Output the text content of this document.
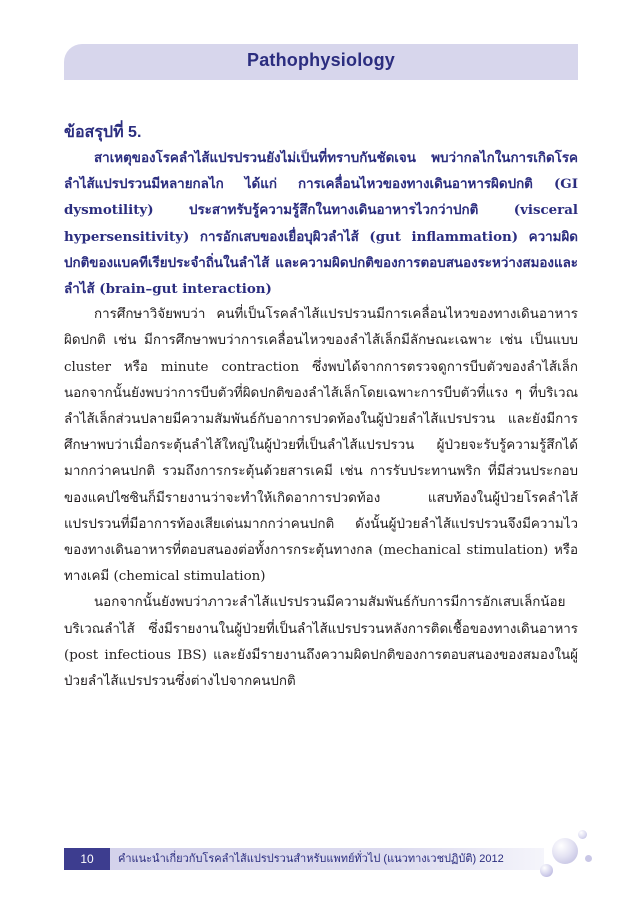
Pathophysiology
ข้อสรุปที่ 5.

สาเหตุของโรคลำไส้แปรปรวนยังไม่เป็นที่ทราบกันชัดเจน พบว่ากลไกในการเกิดโรคลำไส้แปรปรวนมีหลายกลไก ได้แก่ การเคลื่อนไหวของทางเดินอาหารผิดปกติ (GI dysmotility) ประสาทรับรู้ความรู้สึกในทางเดินอาหารไวกว่าปกติ (visceral hypersensitivity) การอักเสบของเยื่อบุผิวลำไส้ (gut inflammation) ความผิดปกติของแบคทีเรียประจำถิ่นในลำไส้ และความผิดปกติของการตอบสนองระหว่างสมองและลำไส้ (brain–gut interaction)

การศึกษาวิจัยพบว่า คนที่เป็นโรคลำไส้แปรปรวนมีการเคลื่อนไหวของทางเดินอาหารผิดปกติ เช่น มีการศึกษาพบว่าการเคลื่อนไหวของลำไส้เล็กมีลักษณะเฉพาะ เช่น เป็นแบบ cluster หรือ minute contraction ซึ่งพบได้จากการตรวจดูการบีบตัวของลำไส้เล็ก นอกจากนั้นยังพบว่าการบีบตัวที่ผิดปกติของลำไส้เล็กโดยเฉพาะการบีบตัวที่แรง ๆ ที่บริเวณลำไส้เล็กส่วนปลายมีความสัมพันธ์กับอาการปวดท้องในผู้ป่วยลำไส้แปรปรวน และยังมีการศึกษาพบว่าเมื่อกระตุ้นลำไส้ใหญ่ในผู้ป่วยที่เป็นลำไส้แปรปรวน ผู้ป่วยจะรับรู้ความรู้สึกได้มากกว่าคนปกติ รวมถึงการกระตุ้นด้วยสารเคมี เช่น การรับประทานพริก ที่มีส่วนประกอบของแคปไซซินก็มีรายงานว่าจะทำให้เกิดอาการปวดท้อง แสบท้องในผู้ป่วยโรคลำไส้แปรปรวนที่มีอาการท้องเสียเด่นมากกว่าคนปกติ ดังนั้นผู้ป่วยลำไส้แปรปรวนจึงมีความไวของทางเดินอาหารที่ตอบสนองต่อทั้งการกระตุ้นทางกล (mechanical stimulation) หรือทางเคมี (chemical stimulation)

นอกจากนั้นยังพบว่าภาวะลำไส้แปรปรวนมีความสัมพันธ์กับการมีการอักเสบเล็กน้อยบริเวณลำไส้ ซึ่งมีรายงานในผู้ป่วยที่เป็นลำไส้แปรปรวนหลังการติดเชื้อของทางเดินอาหาร (post infectious IBS) และยังมีรายงานถึงความผิดปกติของการตอบสนองของสมองในผู้ป่วยลำไส้แปรปรวนซึ่งต่างไปจากคนปกติ

10	คำแนะนำเกี่ยวกับโรคลำไส้แปรปรวนสำหรับแพทย์ทั่วไป (แนวทางเวชปฏิบัติ) 2012
